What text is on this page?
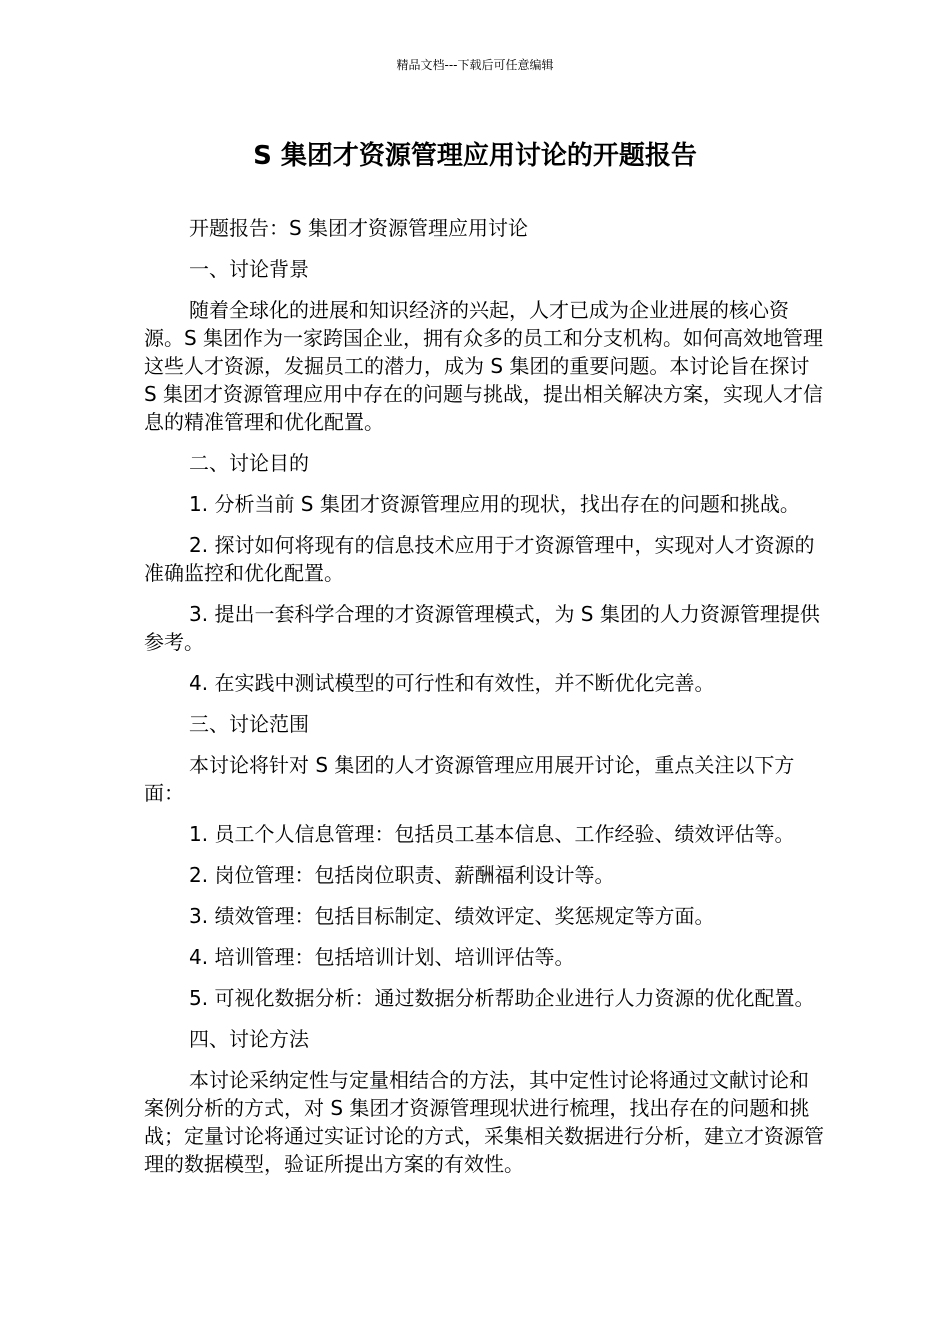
精品文档---下载后可任意编辑
S 集团才资源管理应用讨论的开题报告

开题报告：S 集团才资源管理应用讨论

一、讨论背景

随着全球化的进展和知识经济的兴起，人才已成为企业进展的核心资源。S 集团作为一家跨国企业，拥有众多的员工和分支机构。如何高效地管理这些人才资源，发掘员工的潜力，成为 S 集团的重要问题。本讨论旨在探讨 S 集团才资源管理应用中存在的问题与挑战，提出相关解决方案，实现人才信息的精准管理和优化配置。

二、讨论目的

1. 分析当前 S 集团才资源管理应用的现状，找出存在的问题和挑战。

2. 探讨如何将现有的信息技术应用于才资源管理中，实现对人才资源的准确监控和优化配置。

3. 提出一套科学合理的才资源管理模式，为 S 集团的人力资源管理提供参考。

4. 在实践中测试模型的可行性和有效性，并不断优化完善。

三、讨论范围

本讨论将针对 S 集团的人才资源管理应用展开讨论，重点关注以下方面：

1. 员工个人信息管理：包括员工基本信息、工作经验、绩效评估等。

2. 岗位管理：包括岗位职责、薪酬福利设计等。

3. 绩效管理：包括目标制定、绩效评定、奖惩规定等方面。

4. 培训管理：包括培训计划、培训评估等。

5. 可视化数据分析：通过数据分析帮助企业进行人力资源的优化配置。

四、讨论方法

本讨论采纳定性与定量相结合的方法，其中定性讨论将通过文献讨论和案例分析的方式，对 S 集团才资源管理现状进行梳理，找出存在的问题和挑战；定量讨论将通过实证讨论的方式，采集相关数据进行分析，建立才资源管理的数据模型，验证所提出方案的有效性。
